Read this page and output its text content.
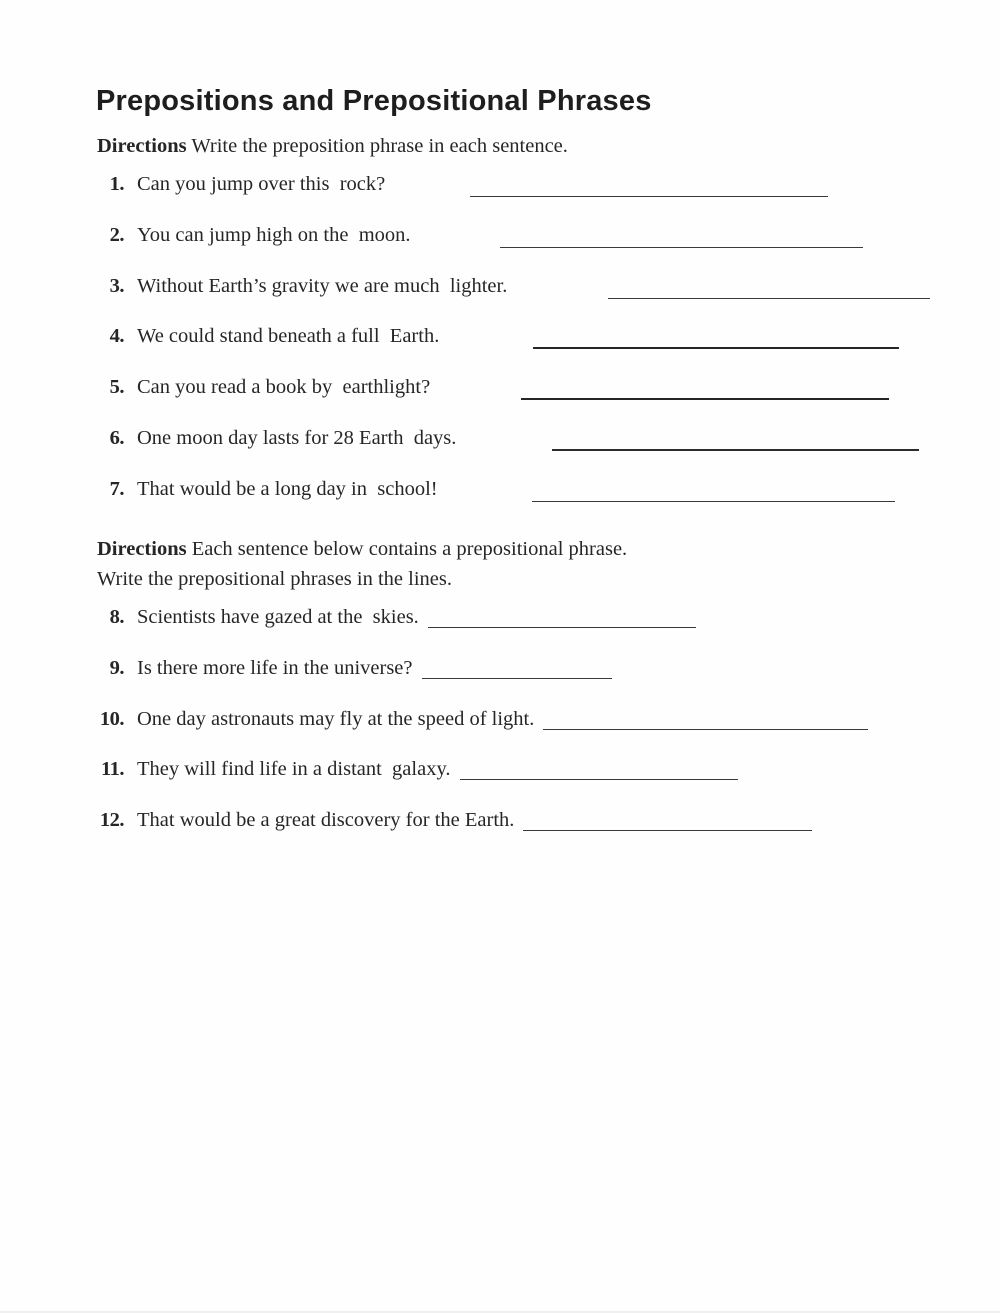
Prepositions and Prepositional Phrases
Directions Write the preposition phrase in each sentence.
1. Can you jump over this  rock?
2. You can jump high on the  moon.
3. Without Earth’s gravity we are much  lighter.
4. We could stand beneath a full  Earth.
5. Can you read a book by  earthlight?
6. One moon day lasts for 28 Earth  days.
7. That would be a long day in  school!
Directions Each sentence below contains a prepositional phrase.
Write the prepositional phrases in the lines.
8. Scientists have gazed at the  skies.
9. Is there more life in the universe?
10. One day astronauts may fly at the speed of light.
11. They will find life in a distant  galaxy.
12. That would be a great discovery for the Earth.
